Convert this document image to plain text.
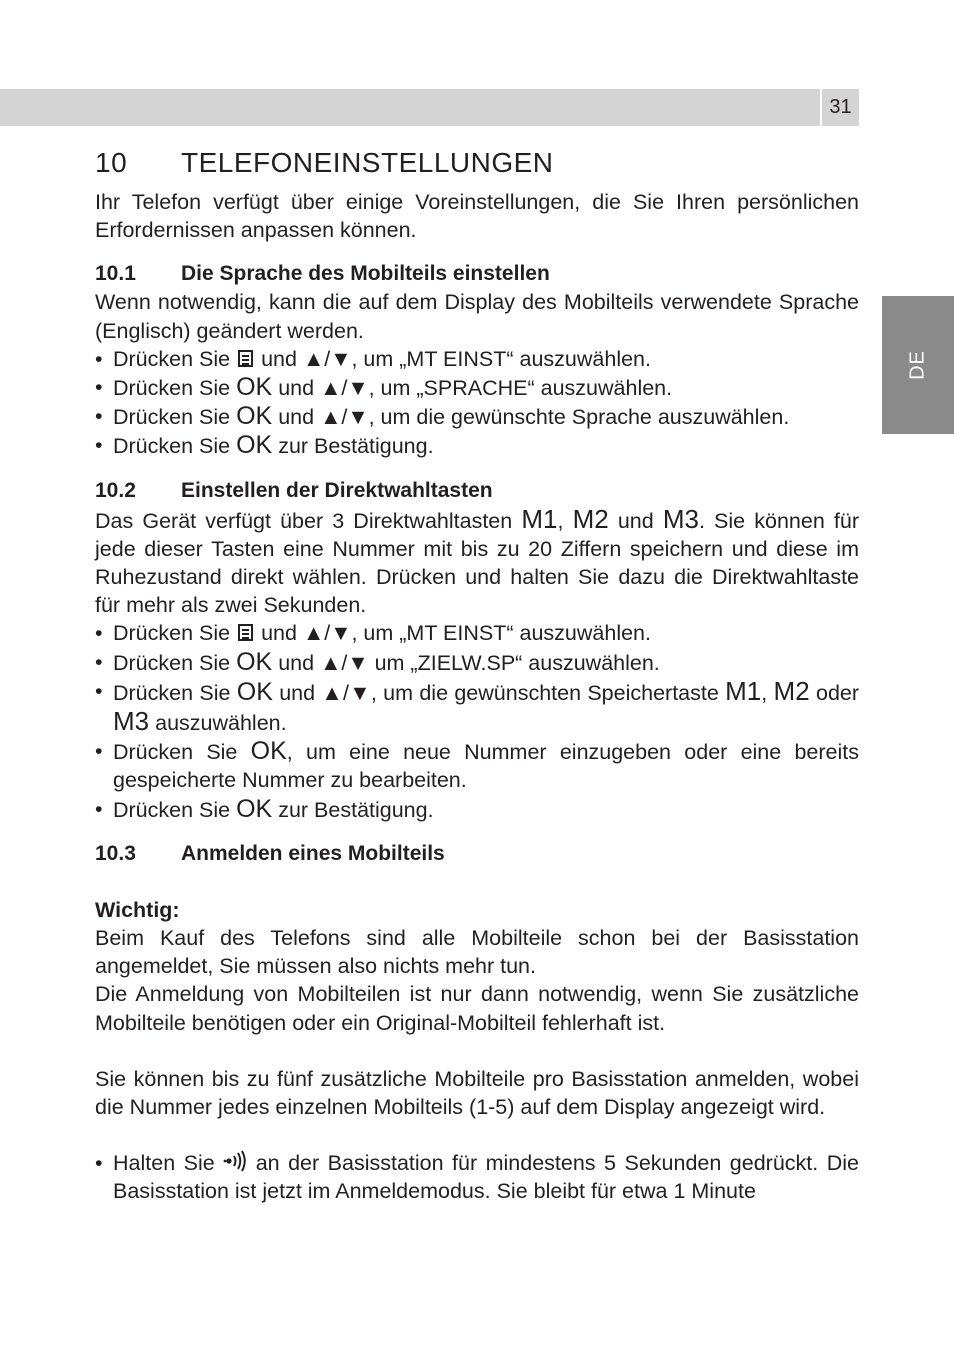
31
DE
10	TELEFONEINSTELLUNGEN

Ihr Telefon verfügt über einige Voreinstellungen, die Sie Ihren persönlichen Erfordernissen anpassen können.

10.1	Die Sprache des Mobilteils einstellen

Wenn notwendig, kann die auf dem Display des Mobilteils verwendete Sprache (Englisch) geändert werden.

• Drücken Sie und ▲/▼, um „MT EINST“ auszuwählen.
• Drücken Sie OK und ▲/▼, um „SPRACHE“ auszuwählen.
• Drücken Sie OK und ▲/▼, um die gewünschte Sprache auszuwählen.
• Drücken Sie OK zur Bestätigung.
10.2	Einstellen der Direktwahltasten

Das Gerät verfügt über 3 Direktwahltasten M1, M2 und M3. Sie können für jede dieser Tasten eine Nummer mit bis zu 20 Ziffern speichern und diese im Ruhezustand direkt wählen. Drücken und halten Sie dazu die Direktwahltaste für mehr als zwei Sekunden.

• Drücken Sie und ▲/▼, um „MT EINST“ auszuwählen.
• Drücken Sie OK und ▲/▼ um „ZIELW.SP“ auszuwählen.
• Drücken Sie OK und ▲/▼, um die gewünschten Speichertaste M1, M2 oder M3 auszuwählen.
• Drücken Sie OK, um eine neue Nummer einzugeben oder eine bereits gespeicherte Nummer zu bearbeiten.
• Drücken Sie OK zur Bestätigung.
10.3	Anmelden eines Mobilteils

Wichtig:

Beim Kauf des Telefons sind alle Mobilteile schon bei der Basisstation angemeldet, Sie müssen also nichts mehr tun.

Die Anmeldung von Mobilteilen ist nur dann notwendig, wenn Sie zusätzliche Mobilteile benötigen oder ein Original-Mobilteil fehlerhaft ist.

Sie können bis zu fünf zusätzliche Mobilteile pro Basisstation anmelden, wobei die Nummer jedes einzelnen Mobilteils (1-5) auf dem Display angezeigt wird.

• Halten Sie an der Basisstation für mindestens 5 Sekunden gedrückt. Die Basisstation ist jetzt im Anmeldemodus. Sie bleibt für etwa 1 Minute
